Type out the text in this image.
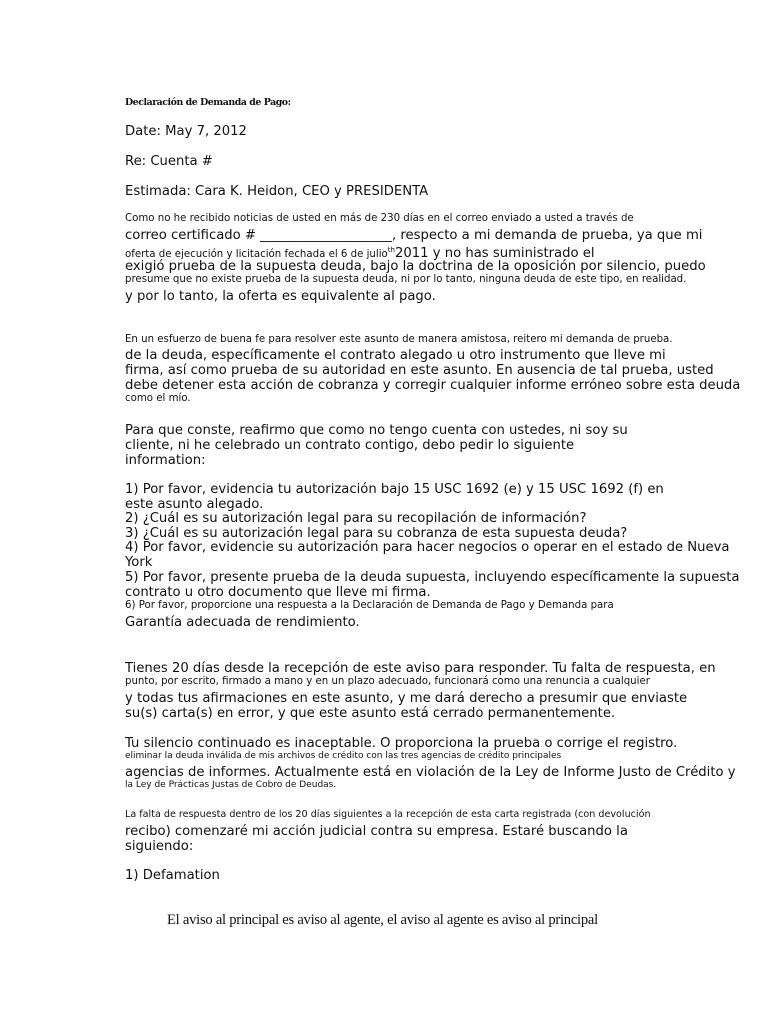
Declaración de Demanda de Pago:

Date: May 7, 2012

Re: Cuenta #

Estimada: Cara K. Heidon, CEO y PRESIDENTA

Como no he recibido noticias de usted en más de 230 días en el correo enviado a usted a través de

correo certificado # ____________________, respecto a mi demanda de prueba, ya que mi

oferta de ejecución y licitación fechada el 6 de julio$^{th}$2011 y no has suministrado el

exigió prueba de la supuesta deuda, bajo la doctrina de la oposición por silencio, puedo

presume que no existe prueba de la supuesta deuda, ni por lo tanto, ninguna deuda de este tipo, en realidad.

y por lo tanto, la oferta es equivalente al pago.

En un esfuerzo de buena fe para resolver este asunto de manera amistosa, reitero mi demanda de prueba.

de la deuda, específicamente el contrato alegado u otro instrumento que lleve mi

firma, así como prueba de su autoridad en este asunto. En ausencia de tal prueba, usted

debe detener esta acción de cobranza y corregir cualquier informe erróneo sobre esta deuda

como el mío.

Para que conste, reafirmo que como no tengo cuenta con ustedes, ni soy su

cliente, ni he celebrado un contrato contigo, debo pedir lo siguiente

information:

1) Por favor, evidencia tu autorización bajo 15 USC 1692 (e) y 15 USC 1692 (f) en

este asunto alegado.

2) ¿Cuál es su autorización legal para su recopilación de información?

3) ¿Cuál es su autorización legal para su cobranza de esta supuesta deuda?

4) Por favor, evidencie su autorización para hacer negocios o operar en el estado de Nueva

York

5) Por favor, presente prueba de la deuda supuesta, incluyendo específicamente la supuesta

contrato u otro documento que lleve mi firma.

6) Por favor, proporcione una respuesta a la Declaración de Demanda de Pago y Demanda para

Garantía adecuada de rendimiento.

Tienes 20 días desde la recepción de este aviso para responder. Tu falta de respuesta, en

punto, por escrito, firmado a mano y en un plazo adecuado, funcionará como una renuncia a cualquier

y todas tus afirmaciones en este asunto, y me dará derecho a presumir que enviaste

su(s) carta(s) en error, y que este asunto está cerrado permanentemente.

Tu silencio continuado es inaceptable. O proporciona la prueba o corrige el registro.

eliminar la deuda inválida de mis archivos de crédito con las tres agencias de crédito principales

agencias de informes. Actualmente está en violación de la Ley de Informe Justo de Crédito y

la Ley de Prácticas Justas de Cobro de Deudas.

La falta de respuesta dentro de los 20 días siguientes a la recepción de esta carta registrada (con devolución

recibo) comenzaré mi acción judicial contra su empresa. Estaré buscando la

siguiendo:

1) Defamation

El aviso al principal es aviso al agente, el aviso al agente es aviso al principal
